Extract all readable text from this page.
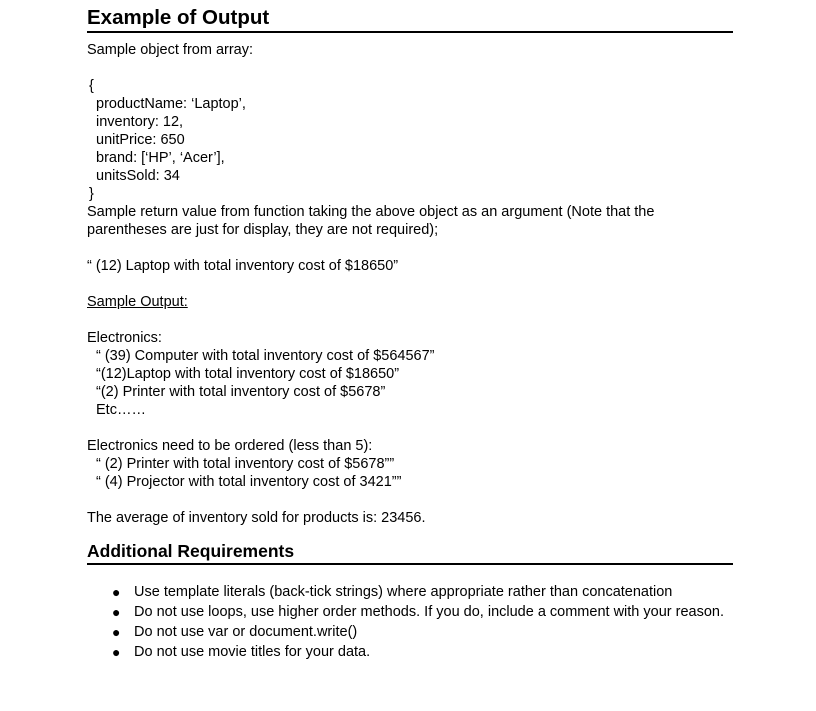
Example of Output
Sample object from array:
{
productName: ‘Laptop’,
inventory: 12,
unitPrice: 650
brand: [‘HP’, ‘Acer’],
unitsSold: 34
}
Sample return value from function taking the above object as an argument (Note that the
parentheses are just for display, they are not required);
“ (12) Laptop with total inventory cost of $18650”
Sample Output:
Electronics:
“ (39) Computer with total inventory cost of $564567”
“(12)Laptop with total inventory cost of $18650”
“(2) Printer with total inventory cost of $5678”
Etc……
Electronics need to be ordered (less than 5):
“ (2) Printer with total inventory cost of $5678””
“ (4) Projector with total inventory cost of 3421””
The average of inventory sold for products is: 23456.
Additional Requirements
● Use template literals (back-tick strings) where appropriate rather than concatenation
● Do not use loops, use higher order methods. If you do, include a comment with your reason.
● Do not use var or document.write()
● Do not use movie titles for your data.
